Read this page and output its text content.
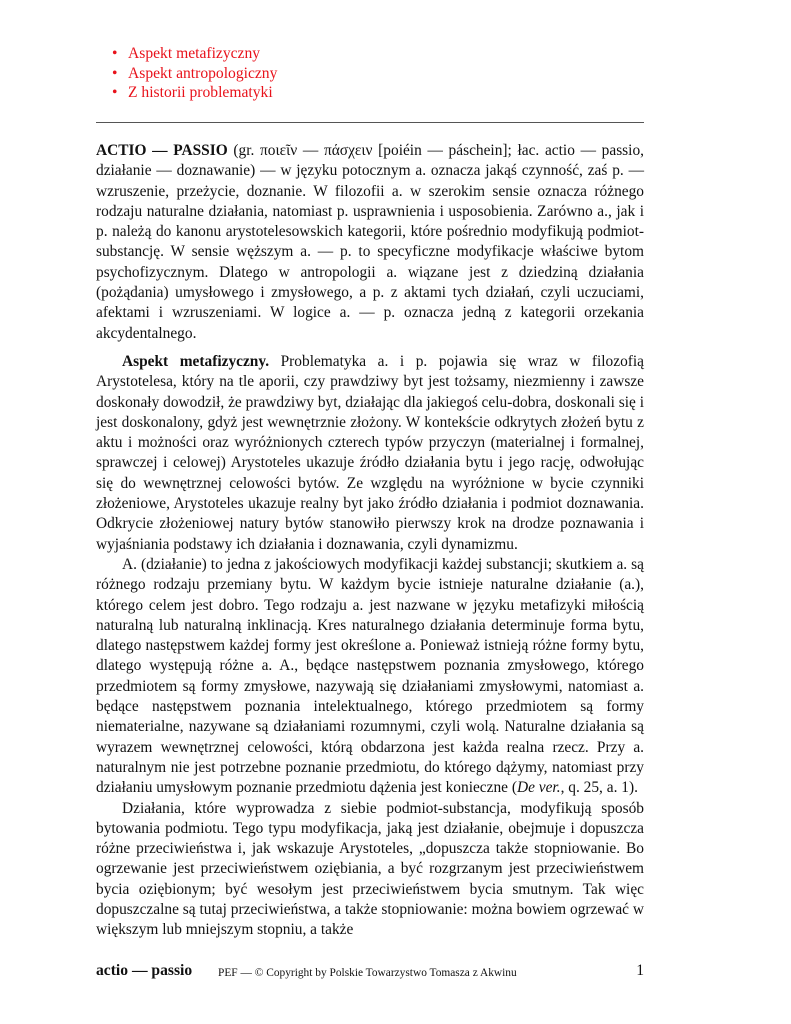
• Aspekt metafizyczny
• Aspekt antropologiczny
• Z historii problematyki

ACTIO — PASSIO (gr. ποιεῖν — πάσχειν [poiéin — páschein]; łac. actio — passio, działanie — doznawanie) — w języku potocznym a. oznacza jakąś czynność, zaś p. — wzruszenie, przeżycie, doznanie. W filozofii a. w szerokim sensie oznacza różnego rodzaju naturalne działania, natomiast p. usprawnienia i usposobienia. Zarówno a., jak i p. należą do kanonu arystotelesowskich kategorii, które pośrednio modyfikują podmiot-substancję. W sensie węższym a. — p. to specyficzne modyfikacje właściwe bytom psychofizycznym. Dlatego w antropologii a. wiązane jest z dziedziną działania (pożądania) umysłowego i zmysłowego, a p. z aktami tych działań, czyli uczuciami, afektami i wzruszeniami. W logice a. — p. oznacza jedną z kategorii orzekania akcydentalnego.

Aspekt metafizyczny. Problematyka a. i p. pojawia się wraz w filozofią Arystotelesa, który na tle aporii, czy prawdziwy byt jest tożsamy, niezmienny i zawsze doskonały dowodził, że prawdziwy byt, działając dla jakiegoś celu-dobra, doskonali się i jest doskonalony, gdyż jest wewnętrznie złożony. W kontekście odkrytych złożeń bytu z aktu i możności oraz wyróżnionych czterech typów przyczyn (materialnej i formalnej, sprawczej i celowej) Arystoteles ukazuje źródło działania bytu i jego rację, odwołując się do wewnętrznej celowości bytów. Ze względu na wyróżnione w bycie czynniki złożeniowe, Arystoteles ukazuje realny byt jako źródło działania i podmiot doznawania. Odkrycie złożeniowej natury bytów stanowiło pierwszy krok na drodze poznawania i wyjaśniania podstawy ich działania i doznawania, czyli dynamizmu.

A. (działanie) to jedna z jakościowych modyfikacji każdej substancji; skutkiem a. są różnego rodzaju przemiany bytu. W każdym bycie istnieje naturalne działanie (a.), którego celem jest dobro. Tego rodzaju a. jest nazwane w języku metafizyki miłością naturalną lub naturalną inklinacją. Kres naturalnego działania determinuje forma bytu, dlatego następstwem każdej formy jest określone a. Ponieważ istnieją różne formy bytu, dlatego występują różne a. A., będące następstwem poznania zmysłowego, którego przedmiotem są formy zmysłowe, nazywają się działaniami zmysłowymi, natomiast a. będące następstwem poznania intelektualnego, którego przedmiotem są formy niematerialne, nazywane są działaniami rozumnymi, czyli wolą. Naturalne działania są wyrazem wewnętrznej celowości, którą obdarzona jest każda realna rzecz. Przy a. naturalnym nie jest potrzebne poznanie przedmiotu, do którego dążymy, natomiast przy działaniu umysłowym poznanie przedmiotu dążenia jest konieczne (De ver., q. 25, a. 1).

Działania, które wyprowadza z siebie podmiot-substancja, modyfikują sposób bytowania podmiotu. Tego typu modyfikacja, jaką jest działanie, obejmuje i dopuszcza różne przeciwieństwa i, jak wskazuje Arystoteles, „dopuszcza także stopniowanie. Bo ogrzewanie jest przeciwieństwem oziębiania, a być rozgrzanym jest przeciwieństwem bycia oziębionym; być wesołym jest przeciwieństwem bycia smutnym. Tak więc dopuszczalne są tutaj przeciwieństwa, a także stopniowanie: można bowiem ogrzewać w większym lub mniejszym stopniu, a także

actio — passio PEF — © Copyright by Polskie Towarzystwo Tomasza z Akwinu	1
